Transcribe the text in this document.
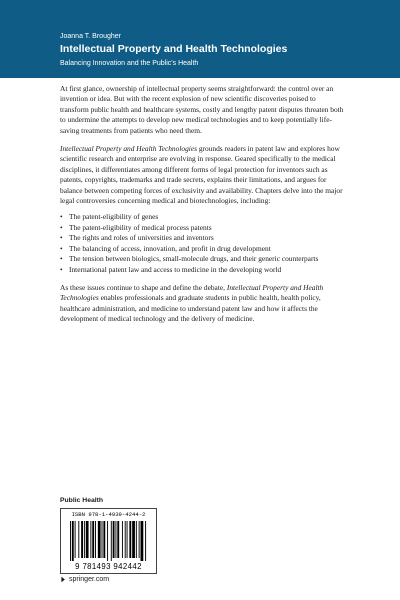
Joanna T. Brougher
Intellectual Property and Health Technologies
Balancing Innovation and the Public's Health

At first glance, ownership of intellectual property seems straightforward: the control over an invention or idea. But with the recent explosion of new scientific discoveries poised to transform public health and healthcare systems, costly and lengthy patent disputes threaten both to undermine the attempts to develop new medical technologies and to keep potentially life-saving treatments from patients who need them.

Intellectual Property and Health Technologies grounds readers in patent law and explores how scientific research and enterprise are evolving in response. Geared specifically to the medical disciplines, it differentiates among different forms of legal protection for inventors such as patents, copyrights, trademarks and trade secrets, explains their limitations, and argues for balance between competing forces of exclusivity and availability. Chapters delve into the major legal controversies concerning medical and biotechnologies, including:

• The patent-eligibility of genes
• The patent-eligibility of medical process patents
• The rights and roles of universities and inventors
• The balancing of access, innovation, and profit in drug development
• The tension between biologics, small-molecule drugs, and their generic counterparts
• International patent law and access to medicine in the developing world

As these issues continue to shape and define the debate, Intellectual Property and Health Technologies enables professionals and graduate students in public health, health policy, healthcare administration, and medicine to understand patent law and how it affects the development of medical technology and the delivery of medicine.

Public Health
ISBN 978-1-4939-4244-2
9 781493 942442
springer.com
